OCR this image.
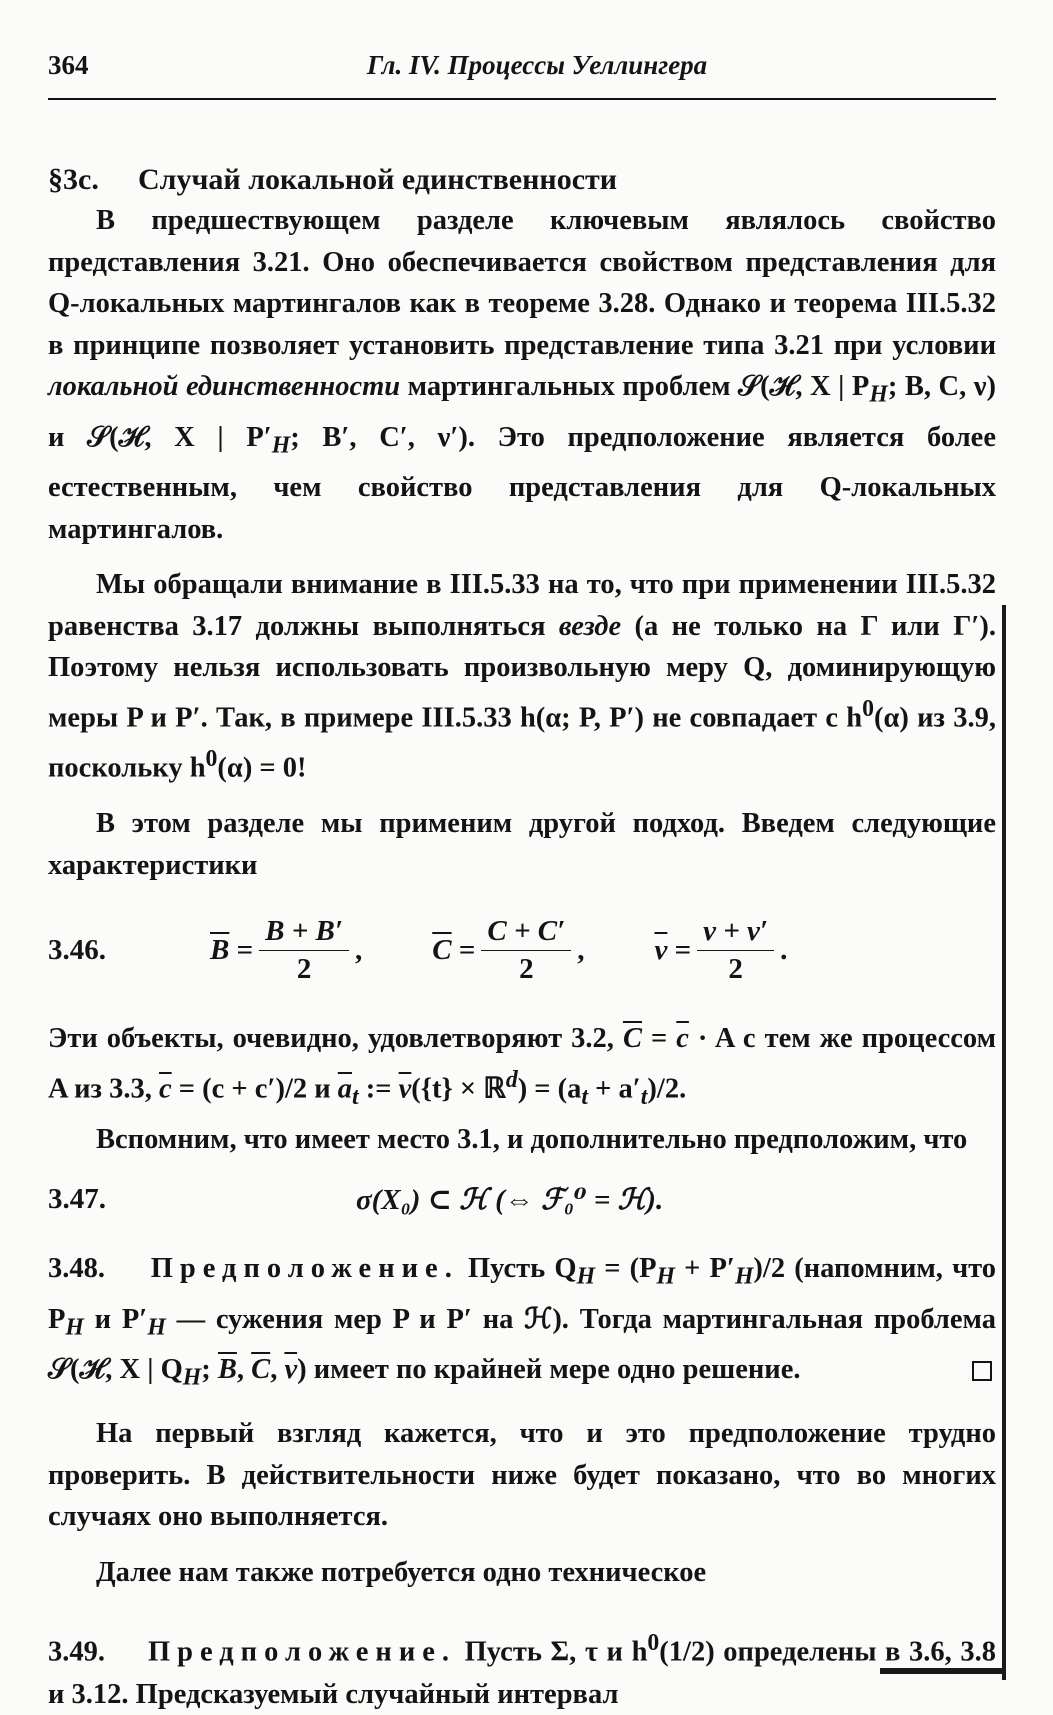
364	Гл. IV. Процессы Уеллингера
§3c. Случай локальной единственности

В предшествующем разделе ключевым являлось свойство представления 3.21. Оно обеспечивается свойством представления для Q-локальных мартингалов как в теореме 3.28. Однако и теорема III.5.32 в принципе позволяет установить представление типа 3.21 при условии локальной единственности мартингальных проблем 𝒮(ℋ, X | $P_H$; B, C, ν) и 𝒮(ℋ, X | $P'_H$; B′, C′, ν′). Это предположение является более естественным, чем свойство представления для Q-локальных мартингалов.

Мы обращали внимание в III.5.33 на то, что при применении III.5.32 равенства 3.17 должны выполняться везде (а не только на Γ или Γ′). Поэтому нельзя использовать произвольную меру Q, доминирующую меры P и P′. Так, в примере III.5.33 h(α; P, P′) не совпадает с $h^0(\alpha)$ из 3.9, поскольку $h^0(\alpha) = 0$!

В этом разделе мы применим другой подход. Введем следующие характеристики

3.46.	$\overline{B} = \frac{B + B'}{2}$ , $\overline{C} = \frac{C + C'}{2}$ , $\overline{\nu} = \frac{\nu + \nu'}{2}$ .

Эти объекты, очевидно, удовлетворяют 3.2, $\overline{C} = \overline{c} \cdot A$ с тем же процессом A из 3.3, $\overline{c} = (c + c')/2$ и $\overline{a}_t$ := $\overline{\nu}(\{t\}$ × ℝ$^d$) = $(a_t + a'_t)/2$.

Вспомним, что имеет место 3.1, и дополнительно предположим, что

3.47.	σ(X₀) ⊂ ℋ (⇔ ℱ₀⁰ = ℋ).

3.48. Предположение. Пусть $Q_H = (P_H + P'_H)/2$ (напомним, что $P_H$ и $P'_H$ — сужения мер P и P′ на ℋ). Тогда мартингальная проблема 𝒮(ℋ, X | $Q_H$; $\overline{B}$, $\overline{C}$, $\overline{\nu}$) имеет по крайней мере одно решение.

На первый взгляд кажется, что и это предположение трудно проверить. В действительности ниже будет показано, что во многих случаях оно выполняется.

Далее нам также потребуется одно техническое

3.49. Предположение. Пусть Σ, τ и $h^0(1/2)$ определены в 3.6, 3.8 и 3.12. Предсказуемый случайный интервал
